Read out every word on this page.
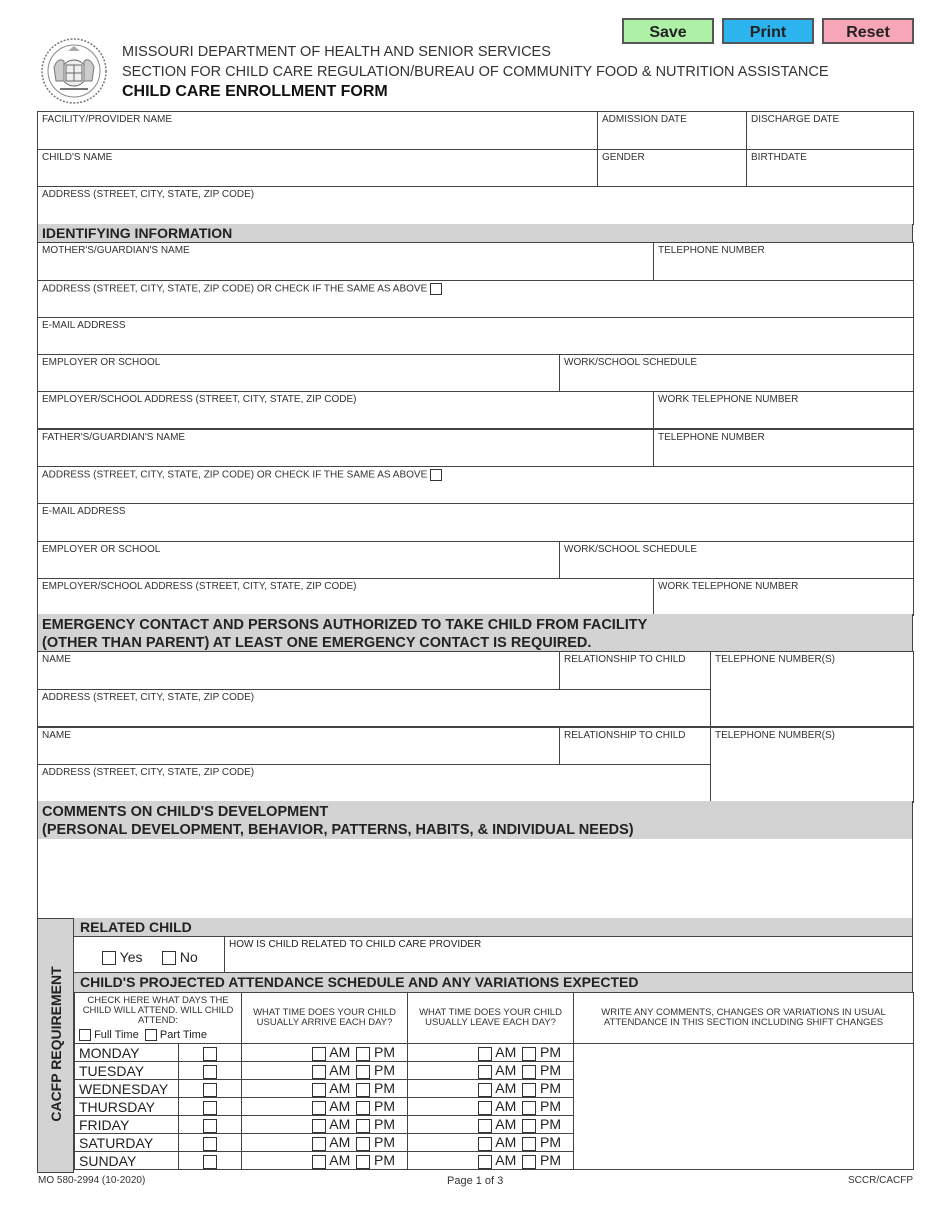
Save	Print	Reset
MISSOURI DEPARTMENT OF HEALTH AND SENIOR SERVICES
SECTION FOR CHILD CARE REGULATION/BUREAU OF COMMUNITY FOOD & NUTRITION ASSISTANCE
CHILD CARE ENROLLMENT FORM
FACILITY/PROVIDER NAME	ADMISSION DATE	DISCHARGE DATE
CHILD'S NAME	GENDER	BIRTHDATE
ADDRESS (STREET, CITY, STATE, ZIP CODE)		
IDENTIFYING INFORMATION
MOTHER'S/GUARDIAN'S NAME		TELEPHONE NUMBER
ADDRESS (STREET, CITY, STATE, ZIP CODE) OR CHECK IF THE SAME AS ABOVE		
E-MAIL ADDRESS		
EMPLOYER OR SCHOOL	WORK/SCHOOL SCHEDULE	
EMPLOYER/SCHOOL ADDRESS (STREET, CITY, STATE, ZIP CODE)		WORK TELEPHONE NUMBER
FATHER'S/GUARDIAN'S NAME		TELEPHONE NUMBER
ADDRESS (STREET, CITY, STATE, ZIP CODE) OR CHECK IF THE SAME AS ABOVE		
E-MAIL ADDRESS		
EMPLOYER OR SCHOOL	WORK/SCHOOL SCHEDULE	
EMPLOYER/SCHOOL ADDRESS (STREET, CITY, STATE, ZIP CODE)		WORK TELEPHONE NUMBER
EMERGENCY CONTACT AND PERSONS AUTHORIZED TO TAKE CHILD FROM FACILITY
(OTHER THAN PARENT) AT LEAST ONE EMERGENCY CONTACT IS REQUIRED.
NAME	RELATIONSHIP TO CHILD	TELEPHONE NUMBER(S)
ADDRESS (STREET, CITY, STATE, ZIP CODE)
NAME	RELATIONSHIP TO CHILD	TELEPHONE NUMBER(S)
ADDRESS (STREET, CITY, STATE, ZIP CODE)
COMMENTS ON CHILD'S DEVELOPMENT
(PERSONAL DEVELOPMENT, BEHAVIOR, PATTERNS, HABITS, & INDIVIDUAL NEEDS)
CACFP REQUIREMENT
RELATED CHILD
Yes	No
HOW IS CHILD RELATED TO CHILD CARE PROVIDER
CHILD'S PROJECTED ATTENDANCE SCHEDULE AND ANY VARIATIONS EXPECTED
CHECK HERE WHAT DAYS THE CHILD WILL ATTEND. WILL CHILD ATTEND:
Full Time Part Time		WHAT TIME DOES YOUR CHILD USUALLY ARRIVE EACH DAY?	WHAT TIME DOES YOUR CHILD USUALLY LEAVE EACH DAY?	WRITE ANY COMMENTS, CHANGES OR VARIATIONS IN USUAL ATTENDANCE IN THIS SECTION INCLUDING SHIFT CHANGES

MONDAY		AM PM	AM PM	
TUESDAY		AM PM	AM PM	
WEDNESDAY		AM PM	AM PM	
THURSDAY		AM PM	AM PM	
FRIDAY		AM PM	AM PM	
SATURDAY		AM PM	AM PM	
SUNDAY		AM PM	AM PM	
MO 580-2994 (10-2020)	Page 1 of 3	SCCR/CACFP
